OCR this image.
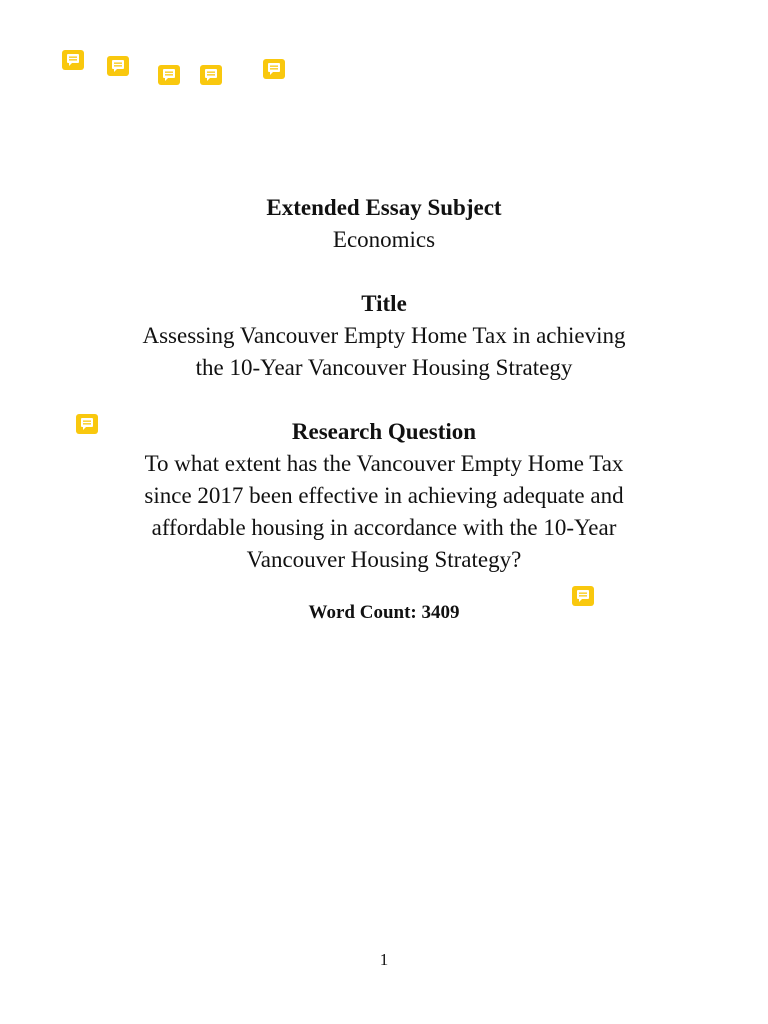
Extended Essay Subject
Economics
Title
Assessing Vancouver Empty Home Tax in achieving
the 10-Year Vancouver Housing Strategy
Research Question
To what extent has the Vancouver Empty Home Tax
since 2017 been effective in achieving adequate and
affordable housing in accordance with the 10-Year
Vancouver Housing Strategy?
Word Count: 3409
1
